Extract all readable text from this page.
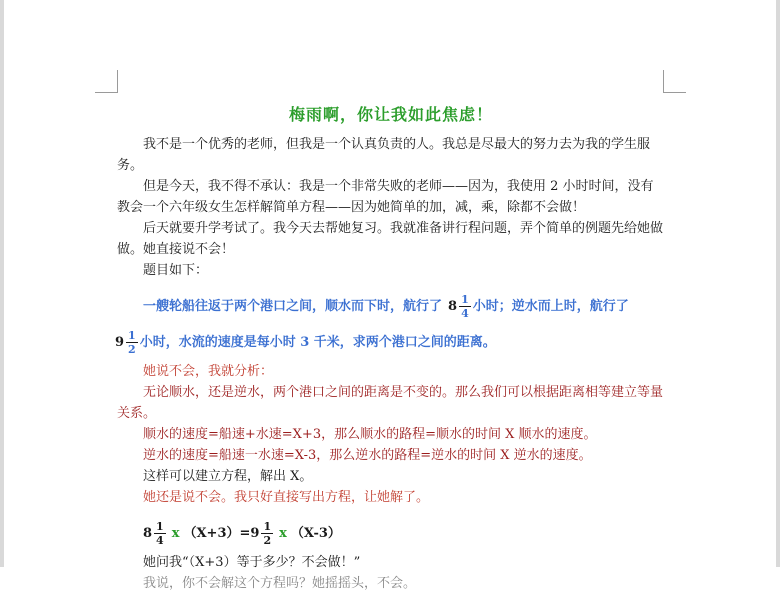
梅雨啊，你让我如此焦虑！

我不是一个优秀的老师，但我是一个认真负责的人。我总是尽最大的努力去为我的学生服务。

但是今天，我不得不承认：我是一个非常失败的老师——因为，我使用 2 小时时间，没有教会一个六年级女生怎样解简单方程——因为她简单的加，减，乘，除都不会做！

后天就要升学考试了。我今天去帮她复习。我就准备讲行程问题，弄个简单的例题先给她做做。她直接说不会！

题目如下：

一艘轮船往返于两个港口之间，顺水而下时，航行了 $8 \frac{1}{4}$ 小时；逆水而上时，航行了
$9 \frac{1}{2}$ 小时，水流的速度是每小时 3 千米，求两个港口之间的距离。

她说不会，我就分析：

无论顺水，还是逆水，两个港口之间的距离是不变的。那么我们可以根据距离相等建立等量关系。

顺水的速度=船速+水速=X+3，那么顺水的路程=顺水的时间 X 顺水的速度。

逆水的速度=船速一水速=X-3，那么逆水的路程=逆水的时间 X 逆水的速度。

这样可以建立方程，解出 X。

她还是说不会。我只好直接写出方程，让她解了。

$8 \frac{1}{4}$ x $(X+3)= 9 \frac{1}{2}$ x （X-3）

她问我“（X+3）等于多少？不会做！”

我说，你不会解这个方程吗？她摇摇头，不会。
